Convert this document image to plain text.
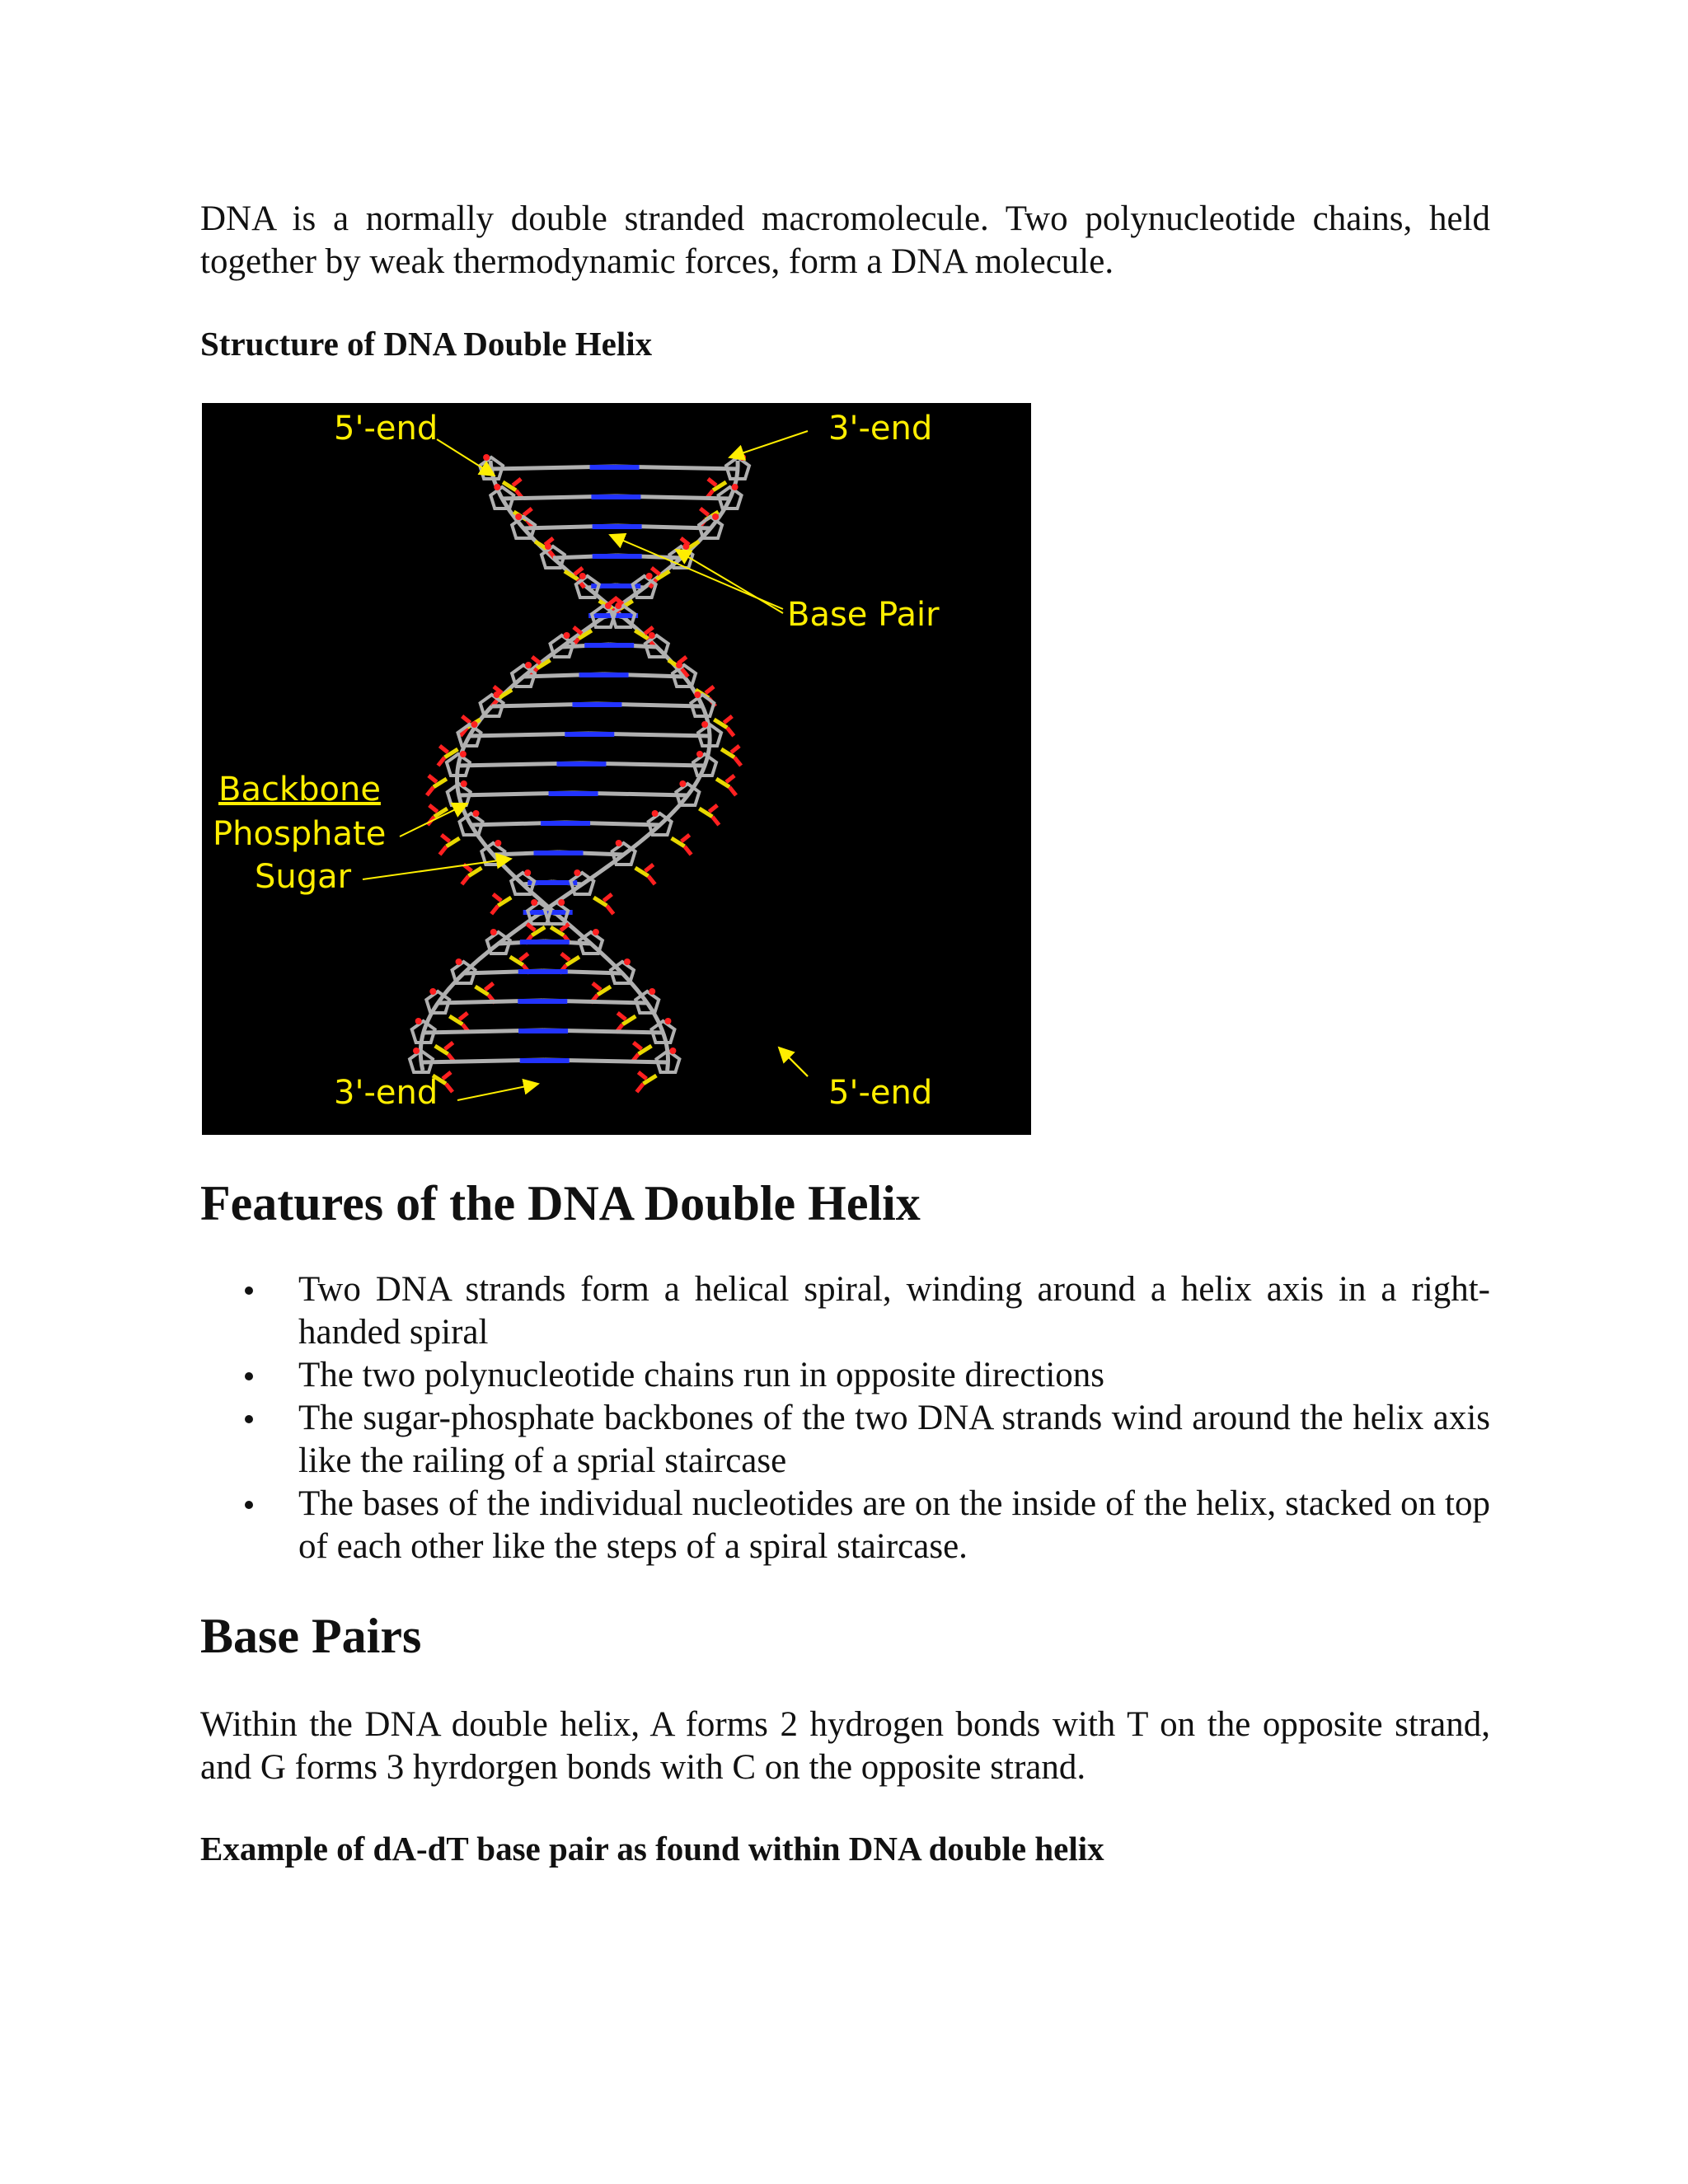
DNA is a normally double stranded macromolecule. Two polynucleotide chains, held together by weak thermodynamic forces, form a DNA molecule.

Structure of DNA Double Helix
5'-end	3'-end
Base Pair
Backbone
Phosphate
Sugar
3'-end	5'-end
Features of the DNA Double Helix
Two DNA strands form a helical spiral, winding around a helix axis in a right-handed spiral
The two polynucleotide chains run in opposite directions
The sugar-phosphate backbones of the two DNA strands wind around the helix axis like the railing of a sprial staircase
The bases of the individual nucleotides are on the inside of the helix, stacked on top of each other like the steps of a spiral staircase.
Base Pairs

Within the DNA double helix, A forms 2 hydrogen bonds with T on the opposite strand, and G forms 3 hyrdorgen bonds with C on the opposite strand.

Example of dA-dT base pair as found within DNA double helix
